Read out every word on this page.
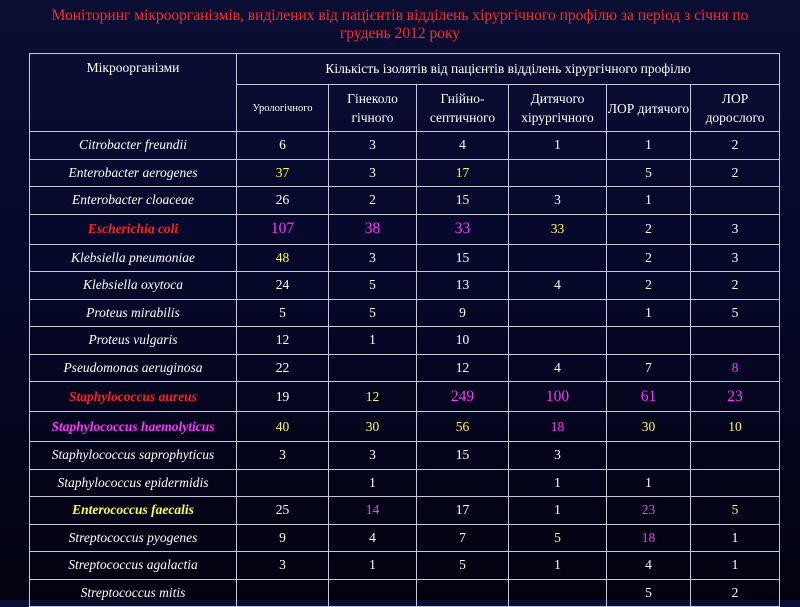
Моніторинг мікроорганізмів, виділених від пацієнтів відділень хірургічного профілю за період з січня по грудень 2012 року
Мікроорганізми	Кількість ізолятів від пацієнтів відділень хірургічного профілю					
	Урологічного	Гінеколо гічного	Гнійно-септичного	Дитячого хірургічного	ЛОР дитячого	ЛОР дорослого
Citrobacter freundii	6	3	4	1	1	2
Enterobacter aerogenes	37	3	17		5	2
Enterobacter cloaceae	26	2	15	3	1	
Escherichia coli	107	38	33	33	2	3
Klebsiella pneumoniae	48	3	15		2	3
Klebsiella oxytoca	24	5	13	4	2	2
Proteus mirabilis	5	5	9		1	5
Proteus vulgaris	12	1	10			
Pseudomonas aeruginosa	22		12	4	7	8
Staphylococcus aureus	19	12	249	100	61	23
Staphylococcus haemolyticus	40	30	56	18	30	10
Staphylococcus saprophyticus	3	3	15	3		
Staphylococcus epidermidis		1		1	1	
Enterococcus faecalis	25	14	17	1	23	5
Streptococcus pyogenes	9	4	7	5	18	1
Streptococcus agalactia	3	1	5	1	4	1
Streptococcus mitis					5	2
